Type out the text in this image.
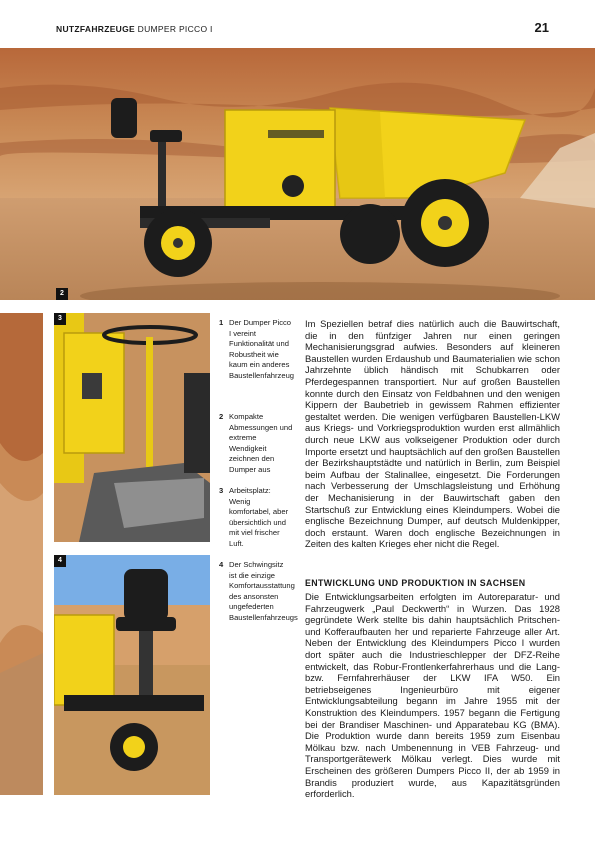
NUTZFAHRZEUGE DUMPER PICCO I	21
2
3
4
1 Der Dumper Picco I vereint Funktionalität und Robustheit wie kaum ein anderes Baustellenfahrzeug
2 Kompakte Abmessungen und extreme Wendigkeit zeichnen den Dumper aus
3 Arbeitsplatz: Wenig komfortabel, aber übersichtlich und mit viel frischer Luft.
4 Der Schwingsitz ist die einzige Komfortausstattung des ansonsten ungefederten Baustellenfahrzeugs

Im Speziellen betraf dies natürlich auch die Bauwirtschaft, die in den fünfziger Jahren nur einen geringen Mechanisierungsgrad aufwies. Besonders auf kleineren Baustellen wurden Erdaushub und Baumaterialien wie schon Jahrzehnte üblich händisch mit Schubkarren oder Pferdegespannen transportiert. Nur auf großen Baustellen konnte durch den Einsatz von Feldbahnen und den wenigen Kippern der Baubetrieb in gewissem Rahmen effizienter gestaltet werden. Die wenigen verfügbaren Baustellen-LKW aus Kriegs- und Vorkriegsproduktion wurden erst allmählich durch neue LKW aus volkseigener Produktion oder durch Importe ersetzt und hauptsächlich auf den großen Baustellen der Bezirkshauptstädte und natürlich in Berlin, zum Beispiel beim Aufbau der Stalinallee, eingesetzt. Die Forderungen nach Verbesserung der Umschlagsleistung und Erhöhung der Mechanisierung in der Bauwirtschaft gaben den Startschuß zur Entwicklung eines Kleindumpers. Wobei die englische Bezeichnung Dumper, auf deutsch Muldenkipper, doch erstaunt. Waren doch englische Bezeichnungen in Zeiten des kalten Krieges eher nicht die Regel.

ENTWICKLUNG UND PRODUKTION IN SACHSEN

Die Entwicklungsarbeiten erfolgten im Autoreparatur- und Fahrzeugwerk „Paul Deckwerth“ in Wurzen. Das 1928 gegründete Werk stellte bis dahin hauptsächlich Pritschen- und Kofferaufbauten her und reparierte Fahrzeuge aller Art. Neben der Entwicklung des Kleindumpers Picco I wurden dort später auch die Industrieschlepper der DFZ-Reihe entwickelt, das Robur-Frontlenkerfahrerhaus und die Lang- bzw. Fernfahrerhäuser der LKW IFA W50. Ein betriebseigenes Ingenieurbüro mit eigener Entwicklungsabteilung begann im Jahre 1955 mit der Konstruktion des Kleindumpers. 1957 begann die Fertigung bei der Brandiser Maschinen- und Apparatebau KG (BMA). Die Produktion wurde dann bereits 1959 zum Eisenbau Mölkau bzw. nach Umbenennung in VEB Fahrzeug- und Transportgerätewerk Mölkau verlegt. Dies wurde mit Erscheinen des größeren Dumpers Picco II, der ab 1959 in Brandis produziert wurde, aus Kapazitätsgründen erforderlich.
